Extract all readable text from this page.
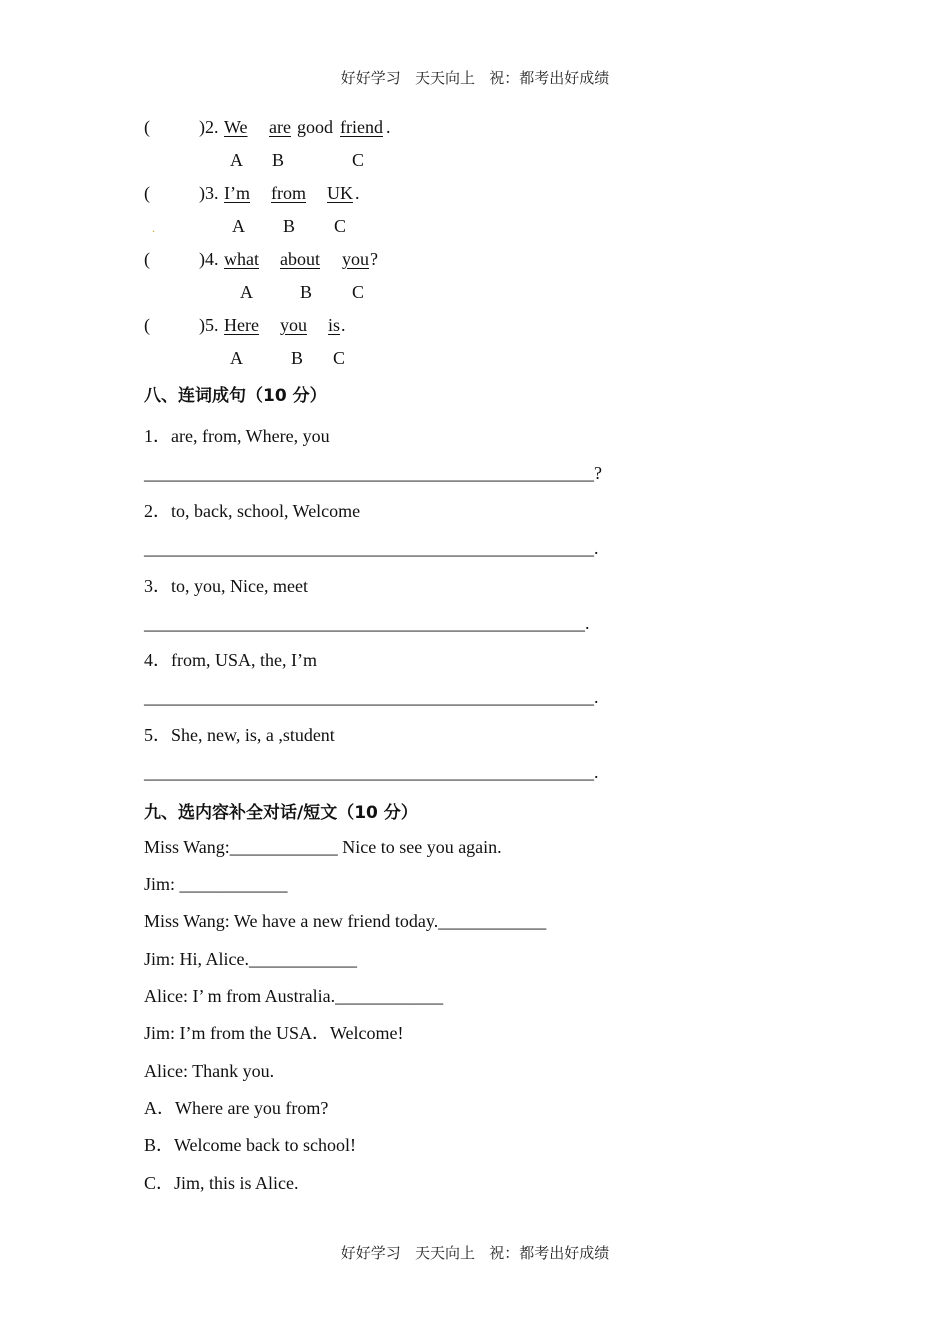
好好学习   天天向上   祝：都考出好成绩
(	)2. We are good friend .
A B	C
(	)3. I’m from UK .
.	A B C
(	)4. what about you ?
A	B C
(	)5. Here you is .
A	B C
八、连词成句（10 分）
1．are, from, Where, you
__________________________________________________?
2．to, back, school, Welcome
__________________________________________________.
3．to, you, Nice, meet
_________________________________________________.
4．from, USA, the, I’m
__________________________________________________.
5．She, new, is, a ,student
__________________________________________________.
九、选内容补全对话/短文（10 分）
Miss Wang:____________ Nice to see you again.
Jim: ____________
Miss Wang: We have a new friend today.____________
Jim: Hi, Alice.____________
Alice: I’ m from Australia.____________
Jim: I’m from the USA．Welcome!
Alice: Thank you.
A．Where are you from?
B．Welcome back to school!
C．Jim, this is Alice.
好好学习   天天向上   祝：都考出好成绩
